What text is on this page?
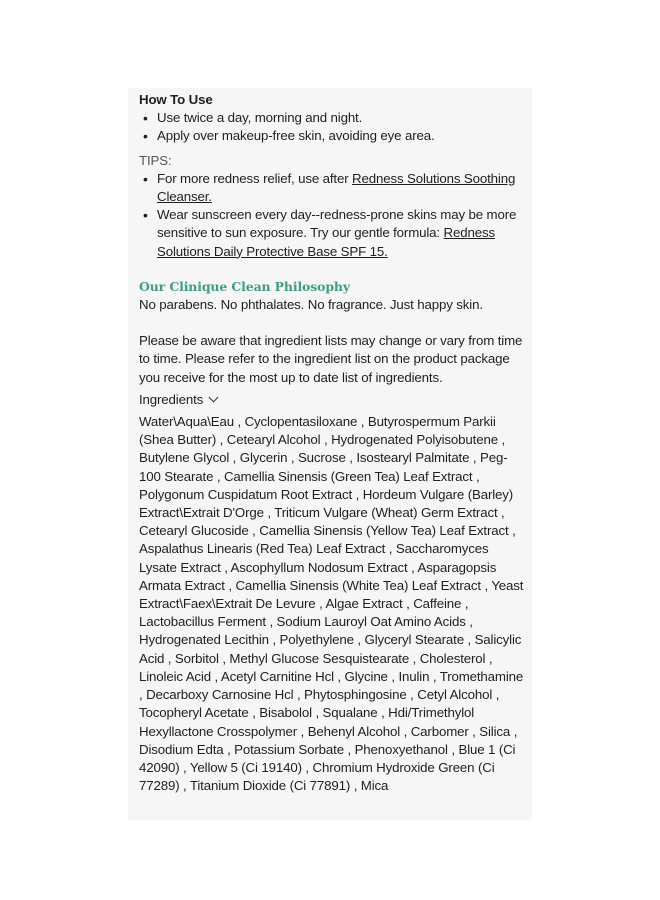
How To Use

• Use twice a day, morning and night.
• Apply over makeup-free skin, avoiding eye area.
TIPS:
• For more redness relief, use after Redness Solutions Soothing Cleanser.
• Wear sunscreen every day--redness-prone skins may be more sensitive to sun exposure. Try our gentle formula: Redness Solutions Daily Protective Base SPF 15.
Our Clinique Clean Philosophy
No parabens. No phthalates. No fragrance. Just happy skin.
Please be aware that ingredient lists may change or vary from time to time. Please refer to the ingredient list on the product package you receive for the most up to date list of ingredients.
Ingredients
Water\Aqua\Eau , Cyclopentasiloxane , Butyrospermum Parkii (Shea Butter) , Cetearyl Alcohol , Hydrogenated Polyisobutene , Butylene Glycol , Glycerin , Sucrose , Isostearyl Palmitate , Peg-100 Stearate , Camellia Sinensis (Green Tea) Leaf Extract , Polygonum Cuspidatum Root Extract , Hordeum Vulgare (Barley) Extract\Extrait D'Orge , Triticum Vulgare (Wheat) Germ Extract , Cetearyl Glucoside , Camellia Sinensis (Yellow Tea) Leaf Extract , Aspalathus Linearis (Red Tea) Leaf Extract , Saccharomyces Lysate Extract , Ascophyllum Nodosum Extract , Asparagopsis Armata Extract , Camellia Sinensis (White Tea) Leaf Extract , Yeast Extract\Faex\Extrait De Levure , Algae Extract , Caffeine , Lactobacillus Ferment , Sodium Lauroyl Oat Amino Acids , Hydrogenated Lecithin , Polyethylene , Glyceryl Stearate , Salicylic Acid , Sorbitol , Methyl Glucose Sesquistearate , Cholesterol , Linoleic Acid , Acetyl Carnitine Hcl , Glycine , Inulin , Tromethamine , Decarboxy Carnosine Hcl , Phytosphingosine , Cetyl Alcohol , Tocopheryl Acetate , Bisabolol , Squalane , Hdi/Trimethylol Hexyllactone Crosspolymer , Behenyl Alcohol , Carbomer , Silica , Disodium Edta , Potassium Sorbate , Phenoxyethanol , Blue 1 (Ci 42090) , Yellow 5 (Ci 19140) , Chromium Hydroxide Green (Ci 77289) , Titanium Dioxide (Ci 77891) , Mica
